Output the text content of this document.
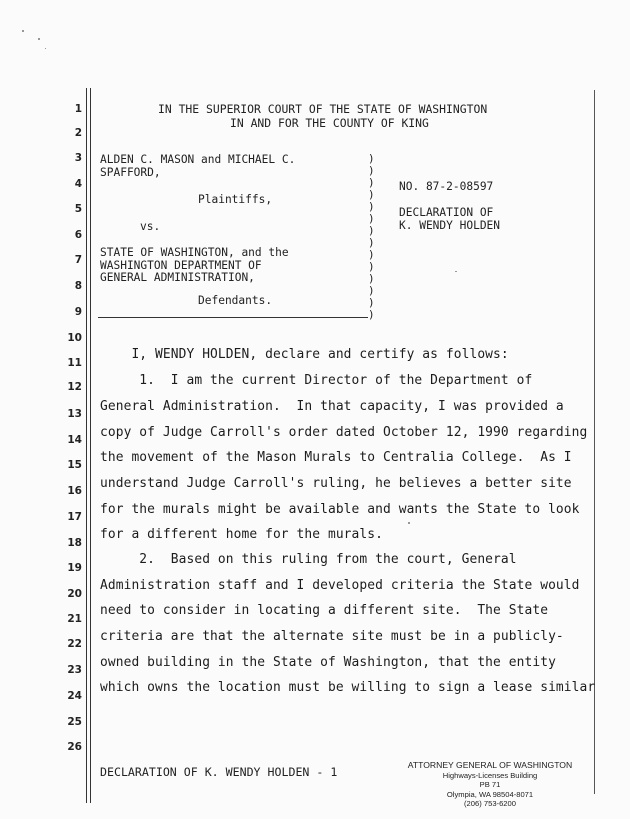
1
2
3
4
5
6
7
8
9
10
11
12
13
14
15
16
17
18
19
20
21
22
23
24
25
26
IN THE SUPERIOR COURT OF THE STATE OF WASHINGTON
IN AND FOR THE COUNTY OF KING
ALDEN C. MASON and MICHAEL C.
SPAFFORD,
Plaintiffs,
vs.
STATE OF WASHINGTON, and the
WASHINGTON DEPARTMENT OF
GENERAL ADMINISTRATION,
Defendants.
)
)
)
)
)
)
)
)
)
)
)
)
)
)
NO. 87-2-08597
DECLARATION OF
K. WENDY HOLDEN
I, WENDY HOLDEN, declare and certify as follows:
1.  I am the current Director of the Department of
General Administration.  In that capacity, I was provided a
copy of Judge Carroll's order dated October 12, 1990 regarding
the movement of the Mason Murals to Centralia College.  As I
understand Judge Carroll's ruling, he believes a better site
for the murals might be available and wants the State to look
for a different home for the murals.
2.  Based on this ruling from the court, General
Administration staff and I developed criteria the State would
need to consider in locating a different site.  The State
criteria are that the alternate site must be in a publicly-
owned building in the State of Washington, that the entity
which owns the location must be willing to sign a lease similar
DECLARATION OF K. WENDY HOLDEN - 1	ATTORNEY GENERAL OF WASHINGTON
Highways-Licenses Building
PB 71
Olympia, WA 98504-8071
(206) 753-6200
